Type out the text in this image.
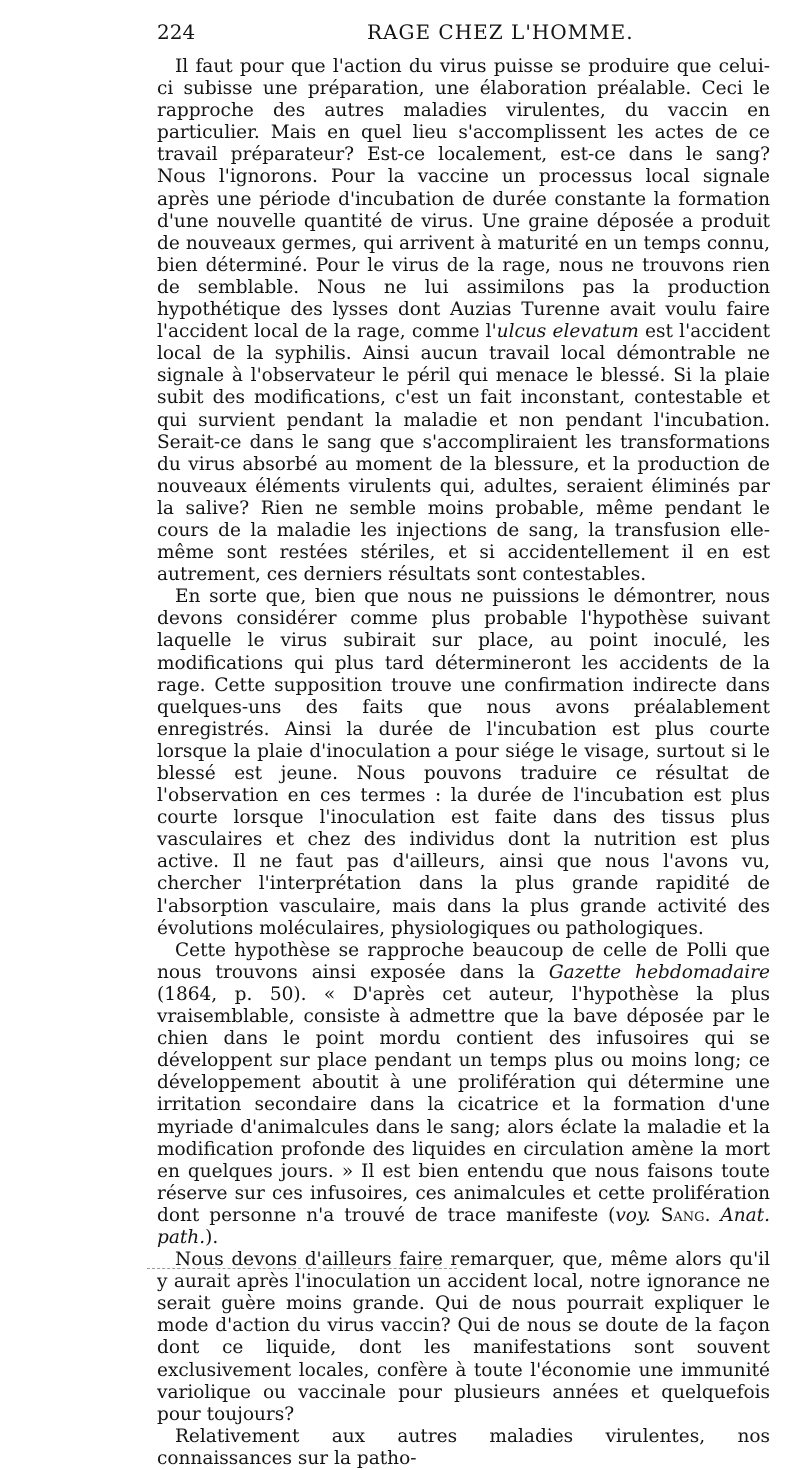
224	RAGE CHEZ L'HOMME.

Il faut pour que l'action du virus puisse se produire que celui-ci subisse une préparation, une élaboration préalable. Ceci le rapproche des autres maladies virulentes, du vaccin en particulier. Mais en quel lieu s'accomplissent les actes de ce travail préparateur? Est-ce localement, est-ce dans le sang? Nous l'ignorons. Pour la vaccine un processus local signale après une période d'incubation de durée constante la formation d'une nouvelle quantité de virus. Une graine déposée a produit de nouveaux germes, qui arrivent à maturité en un temps connu, bien déterminé. Pour le virus de la rage, nous ne trouvons rien de semblable. Nous ne lui assimilons pas la production hypothétique des lysses dont Auzias Turenne avait voulu faire l'accident local de la rage, comme l'ulcus elevatum est l'accident local de la syphilis. Ainsi aucun travail local démontrable ne signale à l'observateur le péril qui menace le blessé. Si la plaie subit des modifications, c'est un fait inconstant, contestable et qui survient pendant la maladie et non pendant l'incubation. Serait-ce dans le sang que s'accompliraient les transformations du virus absorbé au moment de la blessure, et la production de nouveaux éléments virulents qui, adultes, seraient éliminés par la salive? Rien ne semble moins probable, même pendant le cours de la maladie les injections de sang, la transfusion elle-même sont restées stériles, et si accidentellement il en est autrement, ces derniers résultats sont contestables.

En sorte que, bien que nous ne puissions le démontrer, nous devons considérer comme plus probable l'hypothèse suivant laquelle le virus subirait sur place, au point inoculé, les modifications qui plus tard détermineront les accidents de la rage. Cette supposition trouve une confirmation indirecte dans quelques-uns des faits que nous avons préalablement enregistrés. Ainsi la durée de l'incubation est plus courte lorsque la plaie d'inoculation a pour siége le visage, surtout si le blessé est jeune. Nous pouvons traduire ce résultat de l'observation en ces termes : la durée de l'incubation est plus courte lorsque l'inoculation est faite dans des tissus plus vasculaires et chez des individus dont la nutrition est plus active. Il ne faut pas d'ailleurs, ainsi que nous l'avons vu, chercher l'interprétation dans la plus grande rapidité de l'absorption vasculaire, mais dans la plus grande activité des évolutions moléculaires, physiologiques ou pathologiques.

Cette hypothèse se rapproche beaucoup de celle de Polli que nous trouvons ainsi exposée dans la Gazette hebdomadaire (1864, p. 50). « D'après cet auteur, l'hypothèse la plus vraisemblable, consiste à admettre que la bave déposée par le chien dans le point mordu contient des infusoires qui se développent sur place pendant un temps plus ou moins long; ce développement aboutit à une prolifération qui détermine une irritation secondaire dans la cicatrice et la formation d'une myriade d'animalcules dans le sang; alors éclate la maladie et la modification profonde des liquides en circulation amène la mort en quelques jours. » Il est bien entendu que nous faisons toute réserve sur ces infusoires, ces animalcules et cette prolifération dont personne n'a trouvé de trace manifeste (voy. Sang. Anat. path.).

Nous devons d'ailleurs faire remarquer, que, même alors qu'il y aurait après l'inoculation un accident local, notre ignorance ne serait guère moins grande. Qui de nous pourrait expliquer le mode d'action du virus vaccin? Qui de nous se doute de la façon dont ce liquide, dont les manifestations sont souvent exclusivement locales, confère à toute l'économie une immunité variolique ou vaccinale pour plusieurs années et quelquefois pour toujours?

Relativement aux autres maladies virulentes, nos connaissances sur la patho-
